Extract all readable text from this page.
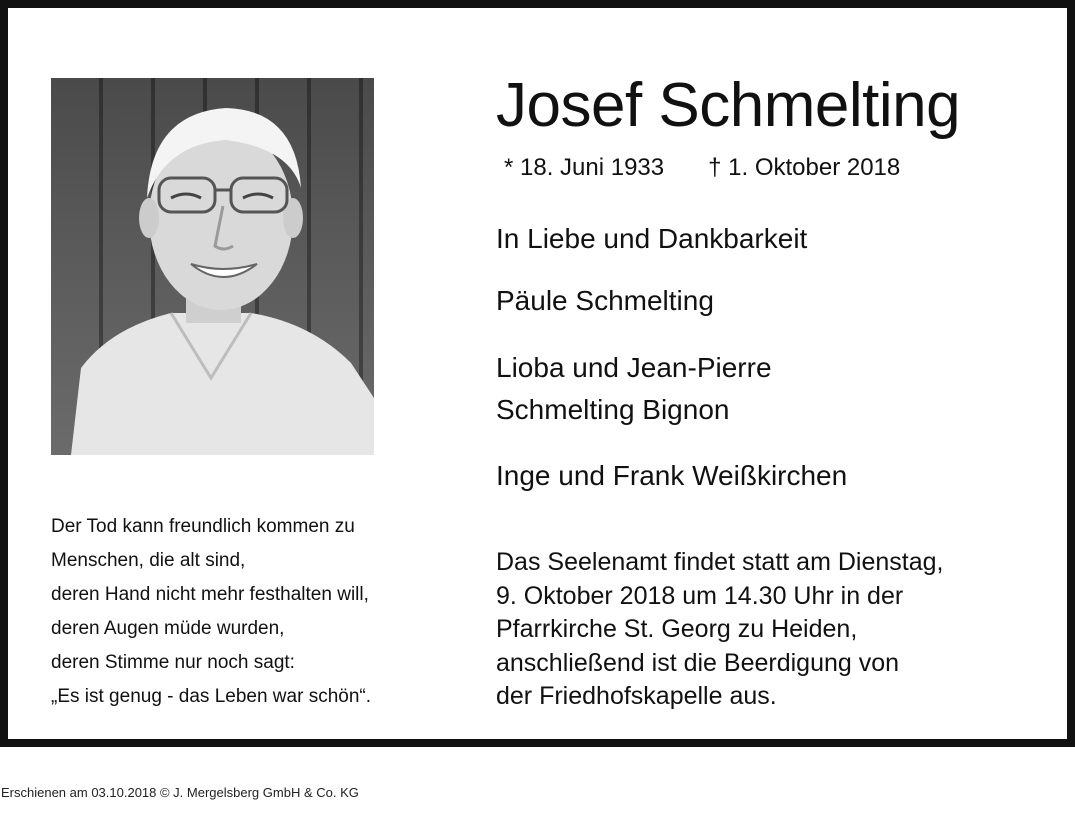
Josef Schmelting
* 18. Juni 1933 † 1. Oktober 2018
In Liebe und Dankbarkeit
Päule Schmelting
Lioba und Jean-Pierre
Schmelting Bignon
Inge und Frank Weißkirchen
Der Tod kann freundlich kommen zu
Menschen, die alt sind,
deren Hand nicht mehr festhalten will,
deren Augen müde wurden,
deren Stimme nur noch sagt:
„Es ist genug - das Leben war schön“.
Das Seelenamt findet statt am Dienstag,
9. Oktober 2018 um 14.30 Uhr in der
Pfarrkirche St. Georg zu Heiden,
anschließend ist die Beerdigung von
der Friedhofskapelle aus.
Erschienen am 03.10.2018 © J. Mergelsberg GmbH & Co. KG
